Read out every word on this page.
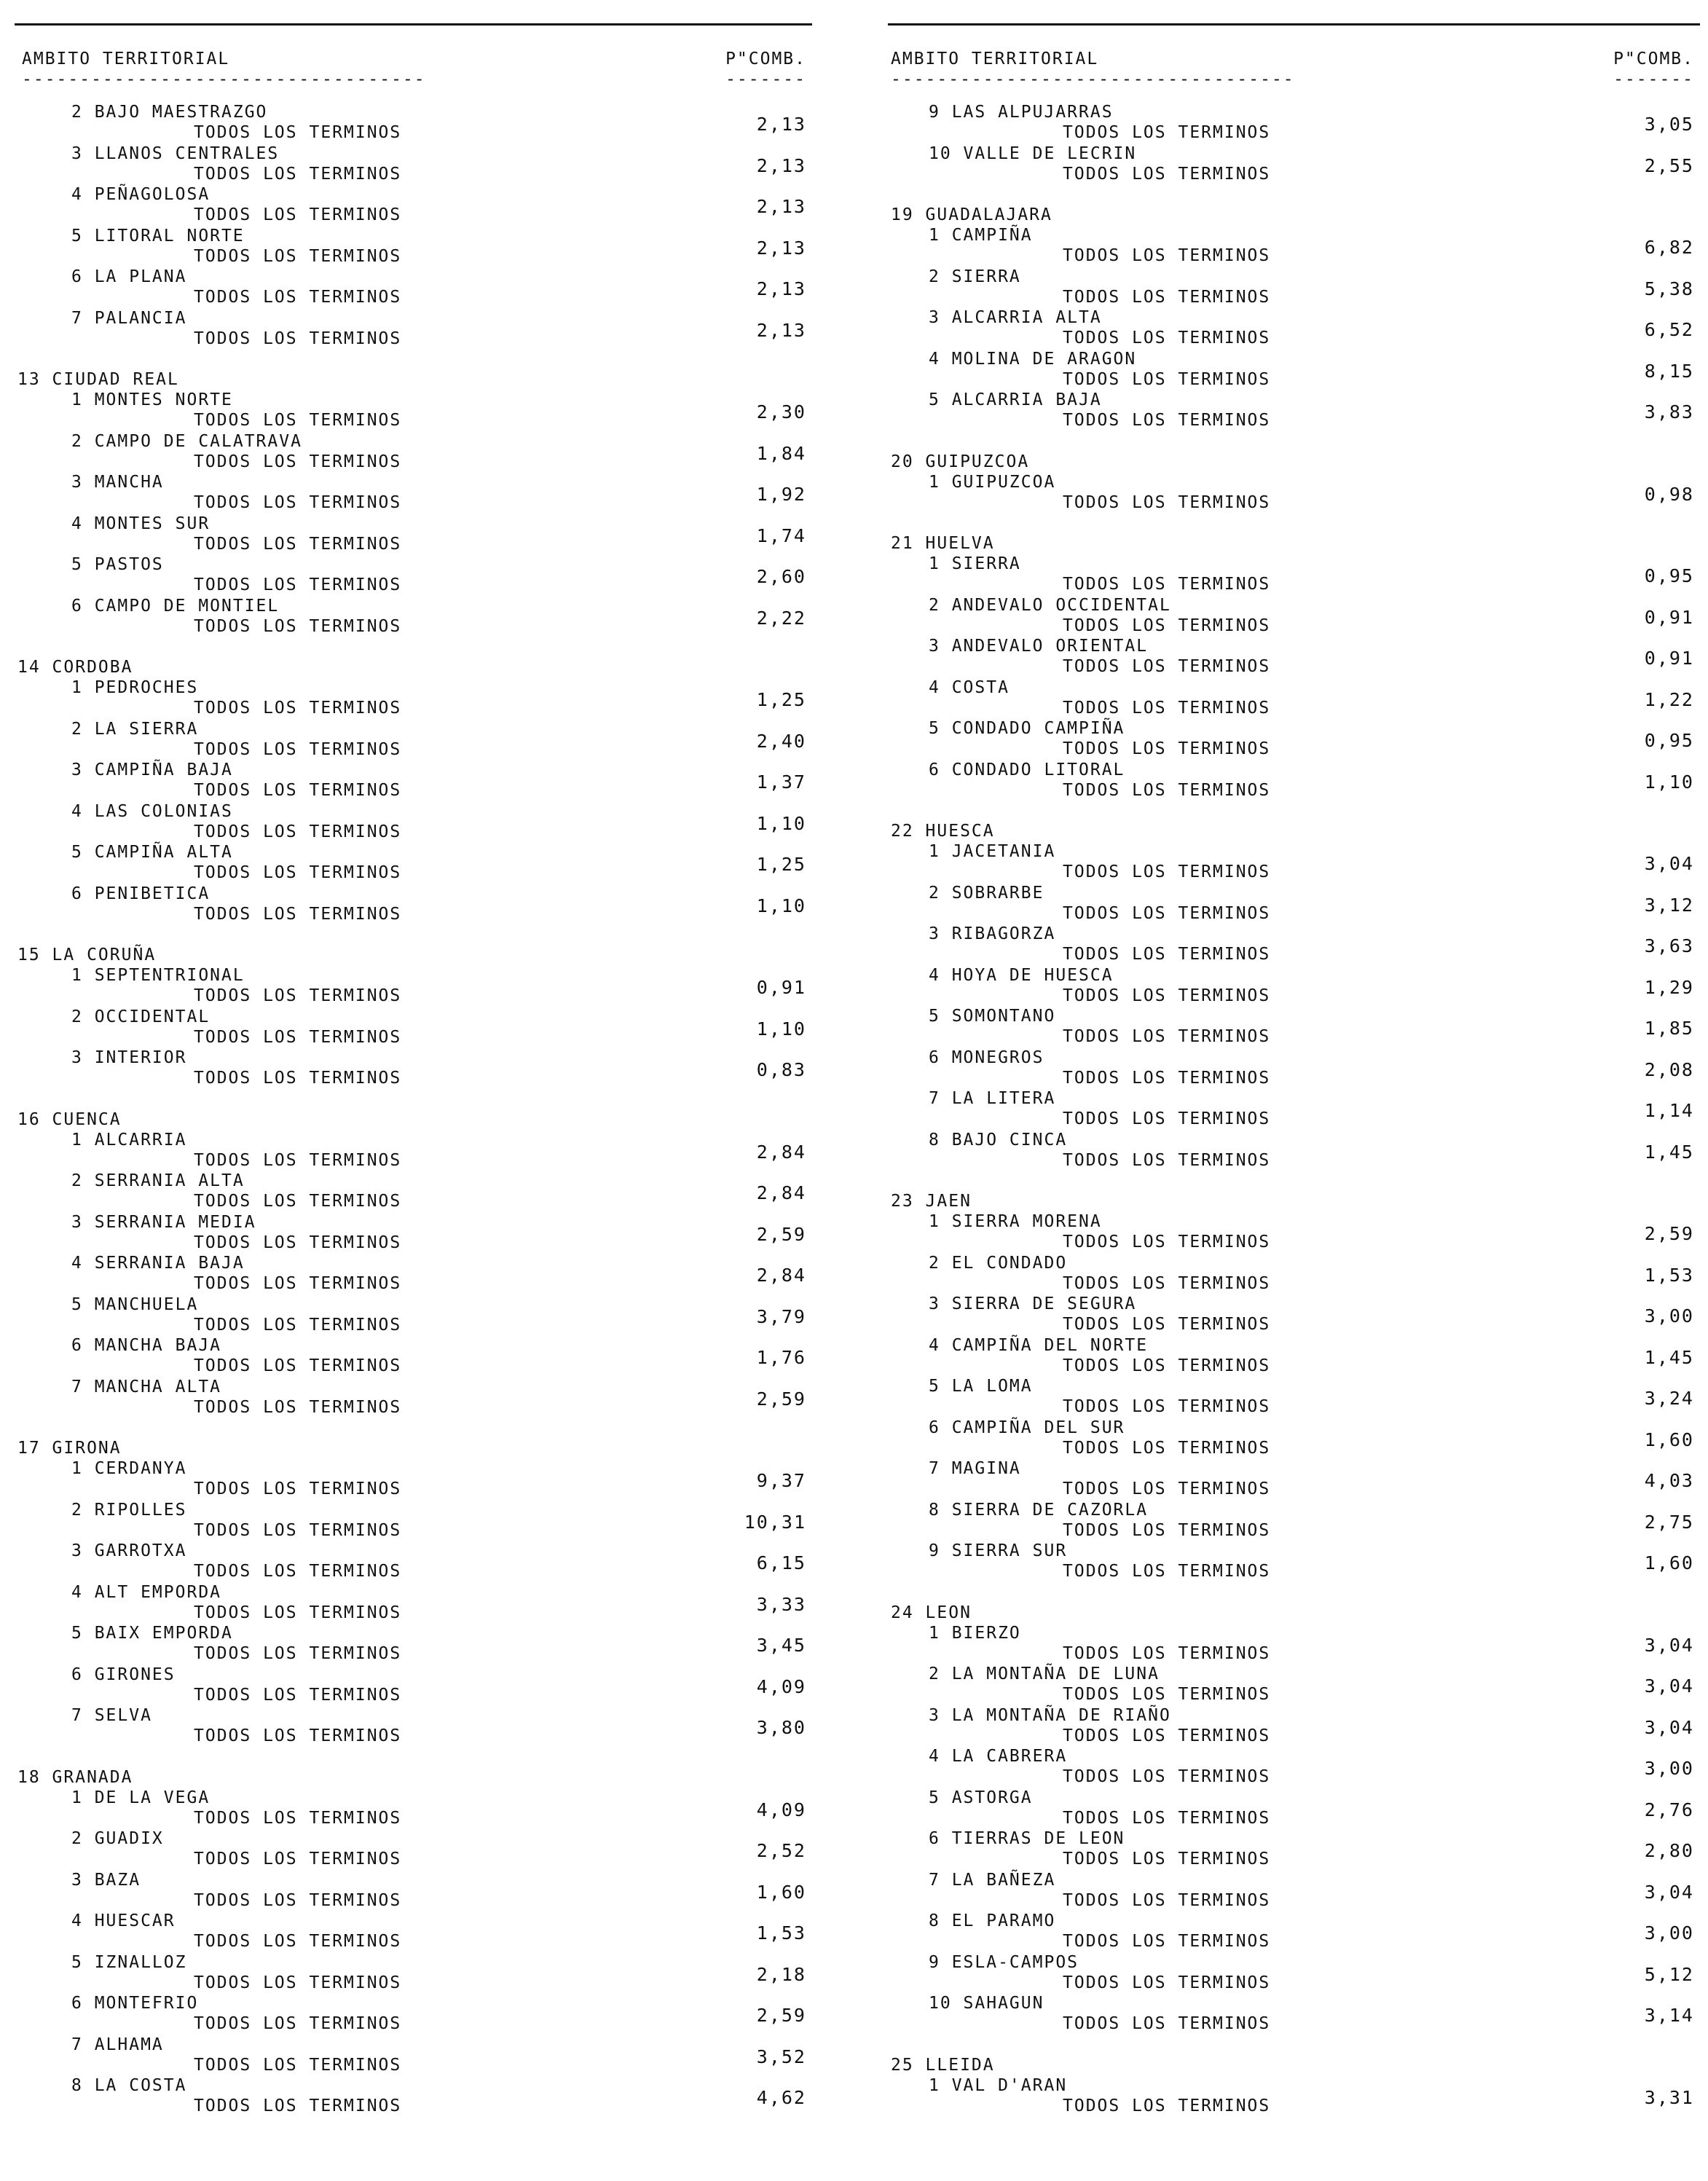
AMBITO TERRITORIAL	P"COMB.
-----------------------------------	-------
2 BAJO MAESTRAZGO
TODOS LOS TERMINOS	2,13
3 LLANOS CENTRALES
TODOS LOS TERMINOS	2,13
4 PEÑAGOLOSA
TODOS LOS TERMINOS	2,13
5 LITORAL NORTE
TODOS LOS TERMINOS	2,13
6 LA PLANA
TODOS LOS TERMINOS	2,13
7 PALANCIA
TODOS LOS TERMINOS	2,13
13 CIUDAD REAL
1 MONTES NORTE
TODOS LOS TERMINOS	2,30
2 CAMPO DE CALATRAVA
TODOS LOS TERMINOS	1,84
3 MANCHA
TODOS LOS TERMINOS	1,92
4 MONTES SUR
TODOS LOS TERMINOS	1,74
5 PASTOS
TODOS LOS TERMINOS	2,60
6 CAMPO DE MONTIEL
TODOS LOS TERMINOS	2,22
14 CORDOBA
1 PEDROCHES
TODOS LOS TERMINOS	1,25
2 LA SIERRA
TODOS LOS TERMINOS	2,40
3 CAMPIÑA BAJA
TODOS LOS TERMINOS	1,37
4 LAS COLONIAS
TODOS LOS TERMINOS	1,10
5 CAMPIÑA ALTA
TODOS LOS TERMINOS	1,25
6 PENIBETICA
TODOS LOS TERMINOS	1,10
15 LA CORUÑA
1 SEPTENTRIONAL
TODOS LOS TERMINOS	0,91
2 OCCIDENTAL
TODOS LOS TERMINOS	1,10
3 INTERIOR
TODOS LOS TERMINOS	0,83
16 CUENCA
1 ALCARRIA
TODOS LOS TERMINOS	2,84
2 SERRANIA ALTA
TODOS LOS TERMINOS	2,84
3 SERRANIA MEDIA
TODOS LOS TERMINOS	2,59
4 SERRANIA BAJA
TODOS LOS TERMINOS	2,84
5 MANCHUELA
TODOS LOS TERMINOS	3,79
6 MANCHA BAJA
TODOS LOS TERMINOS	1,76
7 MANCHA ALTA
TODOS LOS TERMINOS	2,59
17 GIRONA
1 CERDANYA
TODOS LOS TERMINOS	9,37
2 RIPOLLES
TODOS LOS TERMINOS	10,31
3 GARROTXA
TODOS LOS TERMINOS	6,15
4 ALT EMPORDA
TODOS LOS TERMINOS	3,33
5 BAIX EMPORDA
TODOS LOS TERMINOS	3,45
6 GIRONES
TODOS LOS TERMINOS	4,09
7 SELVA
TODOS LOS TERMINOS	3,80
18 GRANADA
1 DE LA VEGA
TODOS LOS TERMINOS	4,09
2 GUADIX
TODOS LOS TERMINOS	2,52
3 BAZA
TODOS LOS TERMINOS	1,60
4 HUESCAR
TODOS LOS TERMINOS	1,53
5 IZNALLOZ
TODOS LOS TERMINOS	2,18
6 MONTEFRIO
TODOS LOS TERMINOS	2,59
7 ALHAMA
TODOS LOS TERMINOS	3,52
8 LA COSTA
TODOS LOS TERMINOS	4,62
AMBITO TERRITORIAL	P"COMB.
-----------------------------------	-------
9 LAS ALPUJARRAS
TODOS LOS TERMINOS	3,05
10 VALLE DE LECRIN
TODOS LOS TERMINOS	2,55
19 GUADALAJARA
1 CAMPIÑA
TODOS LOS TERMINOS	6,82
2 SIERRA
TODOS LOS TERMINOS	5,38
3 ALCARRIA ALTA
TODOS LOS TERMINOS	6,52
4 MOLINA DE ARAGON
TODOS LOS TERMINOS	8,15
5 ALCARRIA BAJA
TODOS LOS TERMINOS	3,83
20 GUIPUZCOA
1 GUIPUZCOA
TODOS LOS TERMINOS	0,98
21 HUELVA
1 SIERRA
TODOS LOS TERMINOS	0,95
2 ANDEVALO OCCIDENTAL
TODOS LOS TERMINOS	0,91
3 ANDEVALO ORIENTAL
TODOS LOS TERMINOS	0,91
4 COSTA
TODOS LOS TERMINOS	1,22
5 CONDADO CAMPIÑA
TODOS LOS TERMINOS	0,95
6 CONDADO LITORAL
TODOS LOS TERMINOS	1,10
22 HUESCA
1 JACETANIA
TODOS LOS TERMINOS	3,04
2 SOBRARBE
TODOS LOS TERMINOS	3,12
3 RIBAGORZA
TODOS LOS TERMINOS	3,63
4 HOYA DE HUESCA
TODOS LOS TERMINOS	1,29
5 SOMONTANO
TODOS LOS TERMINOS	1,85
6 MONEGROS
TODOS LOS TERMINOS	2,08
7 LA LITERA
TODOS LOS TERMINOS	1,14
8 BAJO CINCA
TODOS LOS TERMINOS	1,45
23 JAEN
1 SIERRA MORENA
TODOS LOS TERMINOS	2,59
2 EL CONDADO
TODOS LOS TERMINOS	1,53
3 SIERRA DE SEGURA
TODOS LOS TERMINOS	3,00
4 CAMPIÑA DEL NORTE
TODOS LOS TERMINOS	1,45
5 LA LOMA
TODOS LOS TERMINOS	3,24
6 CAMPIÑA DEL SUR
TODOS LOS TERMINOS	1,60
7 MAGINA
TODOS LOS TERMINOS	4,03
8 SIERRA DE CAZORLA
TODOS LOS TERMINOS	2,75
9 SIERRA SUR
TODOS LOS TERMINOS	1,60
24 LEON
1 BIERZO
TODOS LOS TERMINOS	3,04
2 LA MONTAÑA DE LUNA
TODOS LOS TERMINOS	3,04
3 LA MONTAÑA DE RIAÑO
TODOS LOS TERMINOS	3,04
4 LA CABRERA
TODOS LOS TERMINOS	3,00
5 ASTORGA
TODOS LOS TERMINOS	2,76
6 TIERRAS DE LEON
TODOS LOS TERMINOS	2,80
7 LA BAÑEZA
TODOS LOS TERMINOS	3,04
8 EL PARAMO
TODOS LOS TERMINOS	3,00
9 ESLA-CAMPOS
TODOS LOS TERMINOS	5,12
10 SAHAGUN
TODOS LOS TERMINOS	3,14
25 LLEIDA
1 VAL D'ARAN
TODOS LOS TERMINOS	3,31
